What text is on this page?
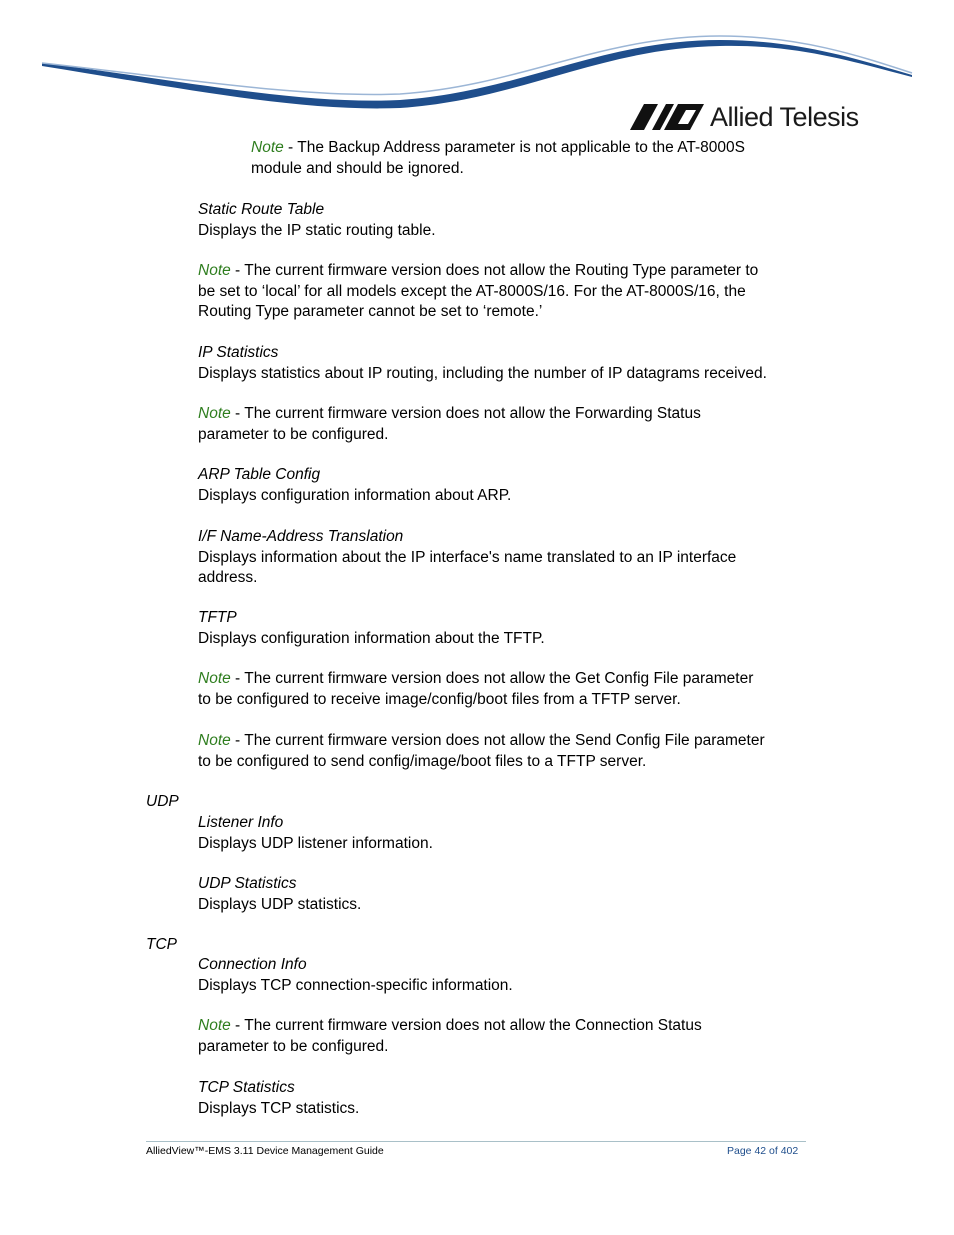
Allied Telesis
Note - The Backup Address parameter is not applicable to the AT-8000S
module and should be ignored.
Static Route Table
Displays the IP static routing table.
Note - The current firmware version does not allow the Routing Type parameter to
be set to ‘local’ for all models except the AT-8000S/16. For the AT-8000S/16, the
Routing Type parameter cannot be set to ‘remote.’
IP Statistics
Displays statistics about IP routing, including the number of IP datagrams received.
Note - The current firmware version does not allow the Forwarding Status
parameter to be configured.
ARP Table Config
Displays configuration information about ARP.
I/F Name-Address Translation
Displays information about the IP interface's name translated to an IP interface
address.
TFTP
Displays configuration information about the TFTP.
Note - The current firmware version does not allow the Get Config File parameter
to be configured to receive image/config/boot files from a TFTP server.
Note - The current firmware version does not allow the Send Config File parameter
to be configured to send config/image/boot files to a TFTP server.
UDP
Listener Info
Displays UDP listener information.
UDP Statistics
Displays UDP statistics.
TCP
Connection Info
Displays TCP connection-specific information.
Note - The current firmware version does not allow the Connection Status
parameter to be configured.
TCP Statistics
Displays TCP statistics.
AlliedView™-EMS 3.11 Device Management Guide	Page 42 of 402
